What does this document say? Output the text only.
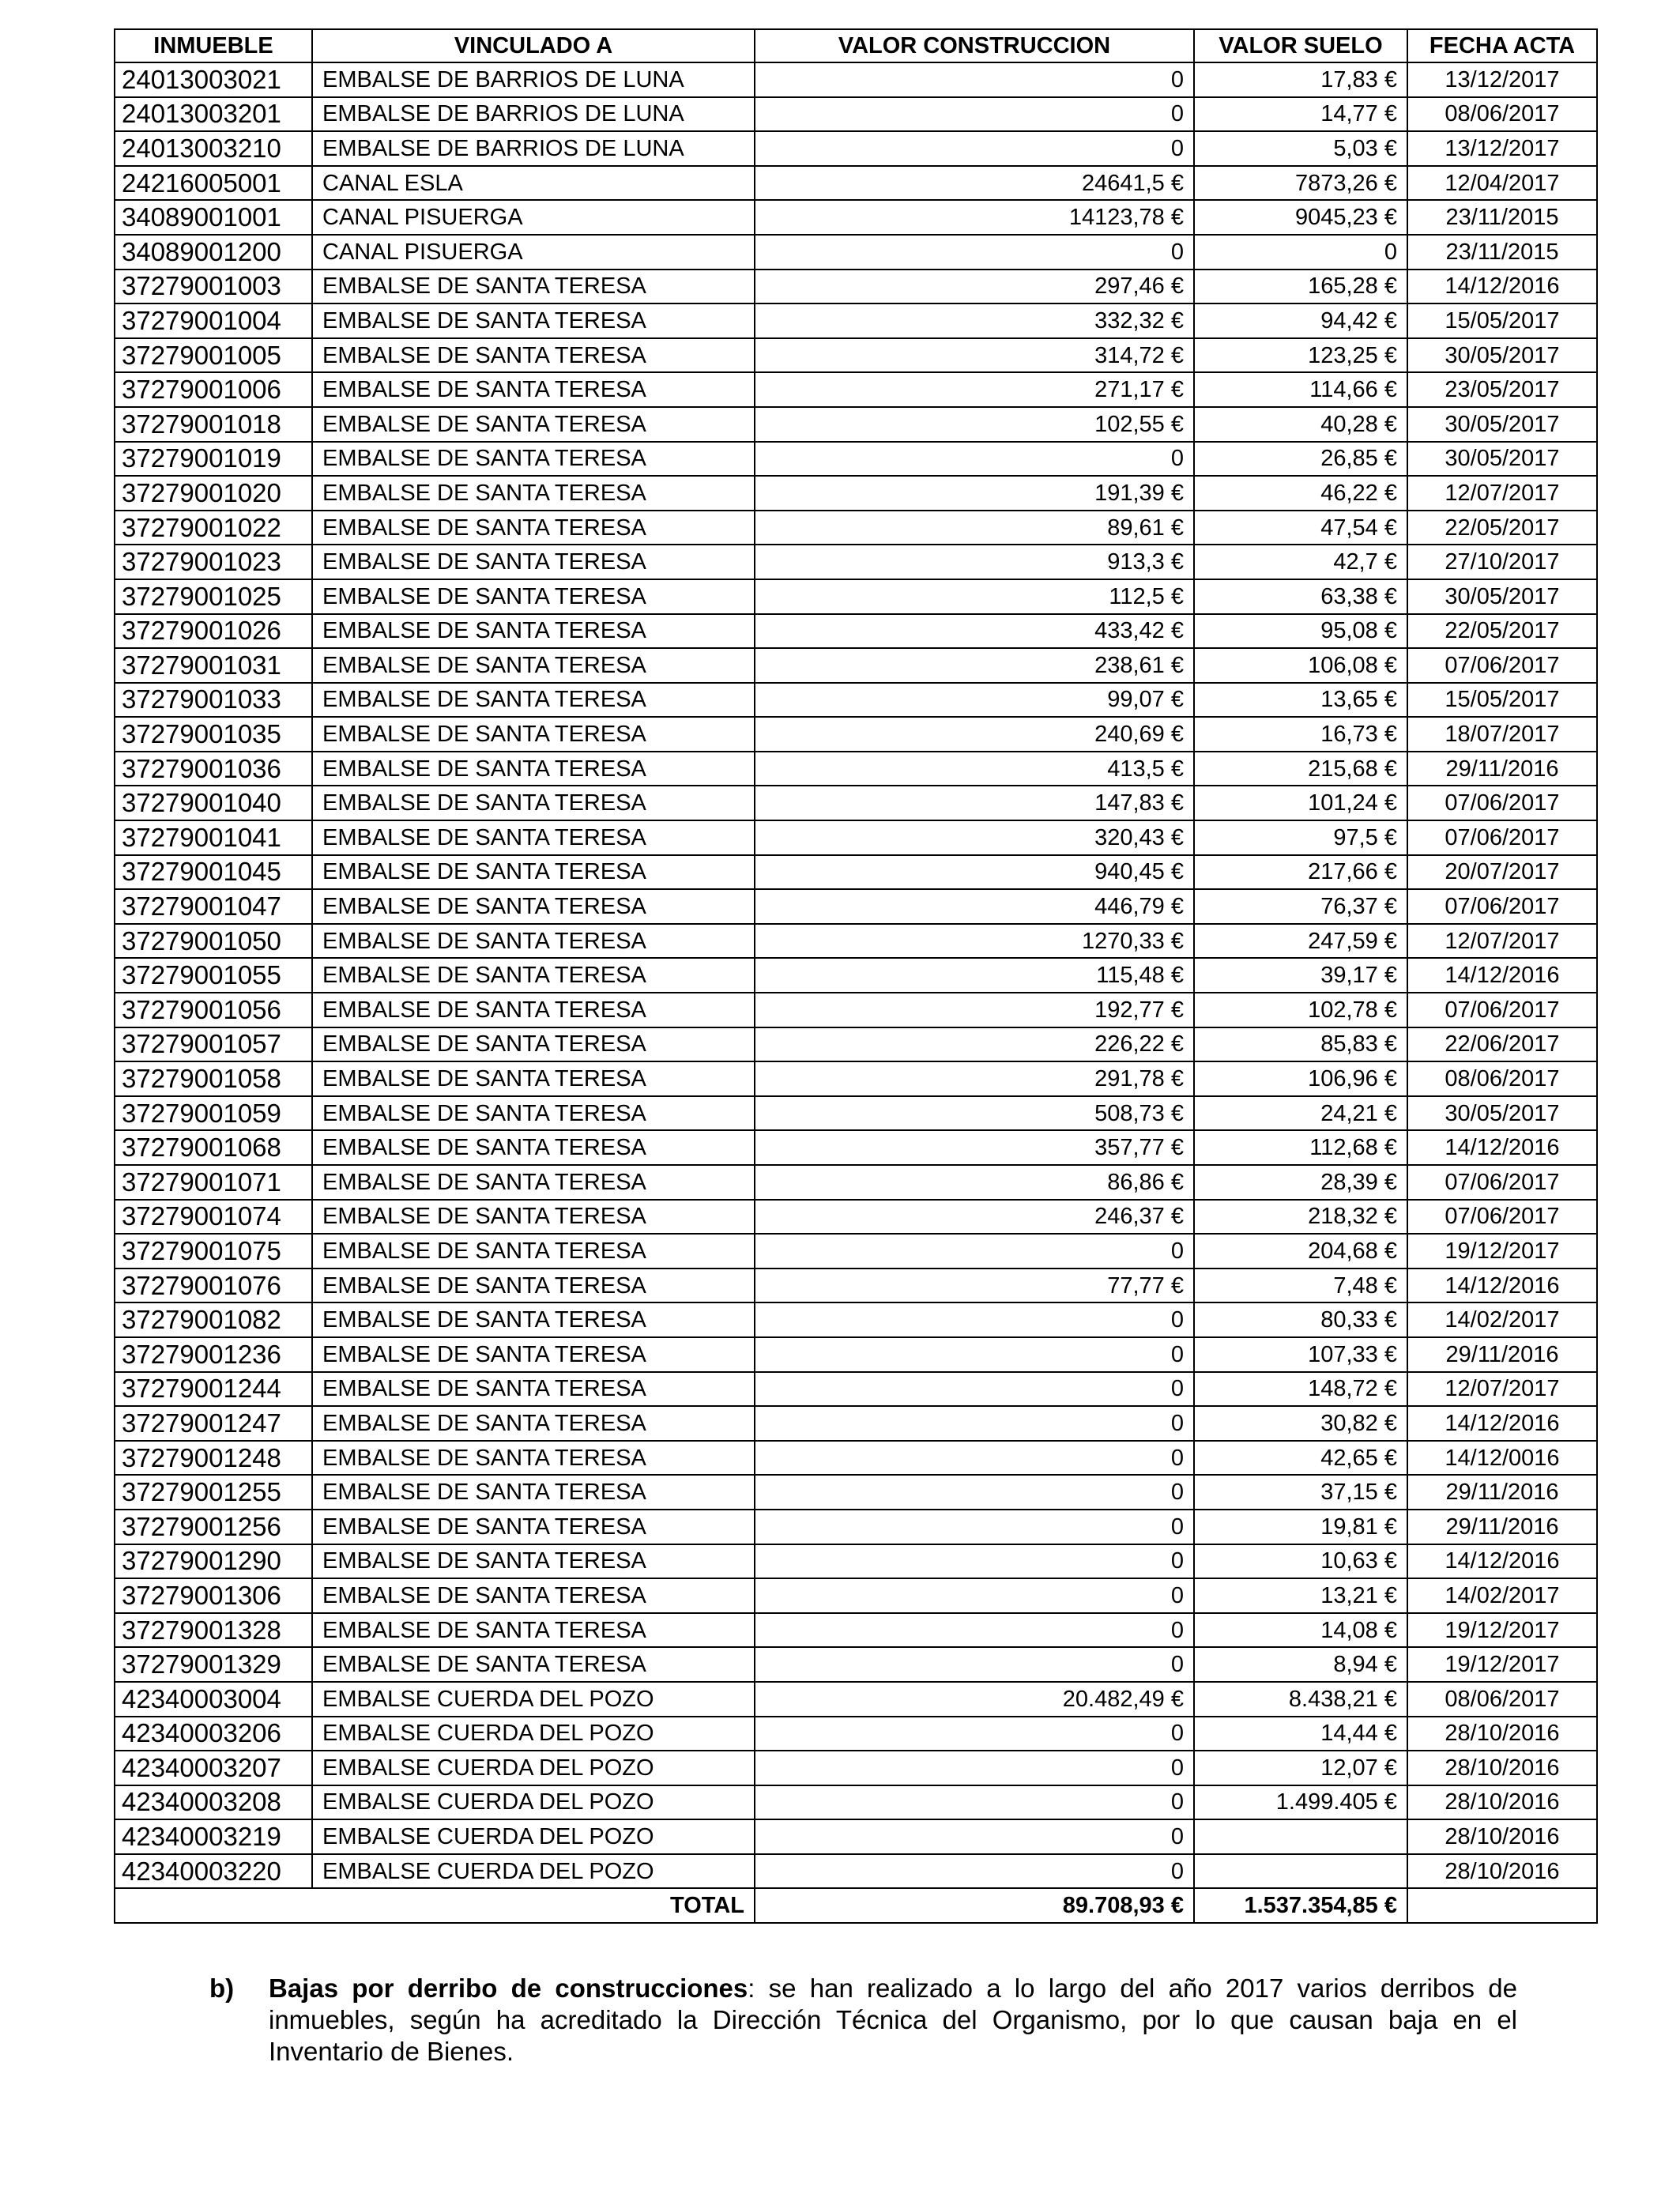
INMUEBLE	VINCULADO A	VALOR CONSTRUCCION	VALOR SUELO	FECHA ACTA
24013003021	EMBALSE DE BARRIOS DE LUNA	0	17,83 €	13/12/2017
24013003201	EMBALSE DE BARRIOS DE LUNA	0	14,77 €	08/06/2017
24013003210	EMBALSE DE BARRIOS DE LUNA	0	5,03 €	13/12/2017
24216005001	CANAL ESLA	24641,5 €	7873,26 €	12/04/2017
34089001001	CANAL PISUERGA	14123,78 €	9045,23 €	23/11/2015
34089001200	CANAL PISUERGA	0	0	23/11/2015
37279001003	EMBALSE DE SANTA TERESA	297,46 €	165,28 €	14/12/2016
37279001004	EMBALSE DE SANTA TERESA	332,32 €	94,42 €	15/05/2017
37279001005	EMBALSE DE SANTA TERESA	314,72 €	123,25 €	30/05/2017
37279001006	EMBALSE DE SANTA TERESA	271,17 €	114,66 €	23/05/2017
37279001018	EMBALSE DE SANTA TERESA	102,55 €	40,28 €	30/05/2017
37279001019	EMBALSE DE SANTA TERESA	0	26,85 €	30/05/2017
37279001020	EMBALSE DE SANTA TERESA	191,39 €	46,22 €	12/07/2017
37279001022	EMBALSE DE SANTA TERESA	89,61 €	47,54 €	22/05/2017
37279001023	EMBALSE DE SANTA TERESA	913,3 €	42,7 €	27/10/2017
37279001025	EMBALSE DE SANTA TERESA	112,5 €	63,38 €	30/05/2017
37279001026	EMBALSE DE SANTA TERESA	433,42 €	95,08 €	22/05/2017
37279001031	EMBALSE DE SANTA TERESA	238,61 €	106,08 €	07/06/2017
37279001033	EMBALSE DE SANTA TERESA	99,07 €	13,65 €	15/05/2017
37279001035	EMBALSE DE SANTA TERESA	240,69 €	16,73 €	18/07/2017
37279001036	EMBALSE DE SANTA TERESA	413,5 €	215,68 €	29/11/2016
37279001040	EMBALSE DE SANTA TERESA	147,83 €	101,24 €	07/06/2017
37279001041	EMBALSE DE SANTA TERESA	320,43 €	97,5 €	07/06/2017
37279001045	EMBALSE DE SANTA TERESA	940,45 €	217,66 €	20/07/2017
37279001047	EMBALSE DE SANTA TERESA	446,79 €	76,37 €	07/06/2017
37279001050	EMBALSE DE SANTA TERESA	1270,33 €	247,59 €	12/07/2017
37279001055	EMBALSE DE SANTA TERESA	115,48 €	39,17 €	14/12/2016
37279001056	EMBALSE DE SANTA TERESA	192,77 €	102,78 €	07/06/2017
37279001057	EMBALSE DE SANTA TERESA	226,22 €	85,83 €	22/06/2017
37279001058	EMBALSE DE SANTA TERESA	291,78 €	106,96 €	08/06/2017
37279001059	EMBALSE DE SANTA TERESA	508,73 €	24,21 €	30/05/2017
37279001068	EMBALSE DE SANTA TERESA	357,77 €	112,68 €	14/12/2016
37279001071	EMBALSE DE SANTA TERESA	86,86 €	28,39 €	07/06/2017
37279001074	EMBALSE DE SANTA TERESA	246,37 €	218,32 €	07/06/2017
37279001075	EMBALSE DE SANTA TERESA	0	204,68 €	19/12/2017
37279001076	EMBALSE DE SANTA TERESA	77,77 €	7,48 €	14/12/2016
37279001082	EMBALSE DE SANTA TERESA	0	80,33 €	14/02/2017
37279001236	EMBALSE DE SANTA TERESA	0	107,33 €	29/11/2016
37279001244	EMBALSE DE SANTA TERESA	0	148,72 €	12/07/2017
37279001247	EMBALSE DE SANTA TERESA	0	30,82 €	14/12/2016
37279001248	EMBALSE DE SANTA TERESA	0	42,65 €	14/12/0016
37279001255	EMBALSE DE SANTA TERESA	0	37,15 €	29/11/2016
37279001256	EMBALSE DE SANTA TERESA	0	19,81 €	29/11/2016
37279001290	EMBALSE DE SANTA TERESA	0	10,63 €	14/12/2016
37279001306	EMBALSE DE SANTA TERESA	0	13,21 €	14/02/2017
37279001328	EMBALSE DE SANTA TERESA	0	14,08 €	19/12/2017
37279001329	EMBALSE DE SANTA TERESA	0	8,94 €	19/12/2017
42340003004	EMBALSE CUERDA DEL POZO	20.482,49 €	8.438,21 €	08/06/2017
42340003206	EMBALSE CUERDA DEL POZO	0	14,44 €	28/10/2016
42340003207	EMBALSE CUERDA DEL POZO	0	12,07 €	28/10/2016
42340003208	EMBALSE CUERDA DEL POZO	0	1.499.405 €	28/10/2016
42340003219	EMBALSE CUERDA DEL POZO	0		28/10/2016
42340003220	EMBALSE CUERDA DEL POZO	0		28/10/2016
TOTAL		89.708,93 €	1.537.354,85 €	
b) Bajas por derribo de construcciones: se han realizado a lo largo del año 2017 varios derribos de inmuebles, según ha acreditado la Dirección Técnica del Organismo, por lo que causan baja en el Inventario de Bienes.
